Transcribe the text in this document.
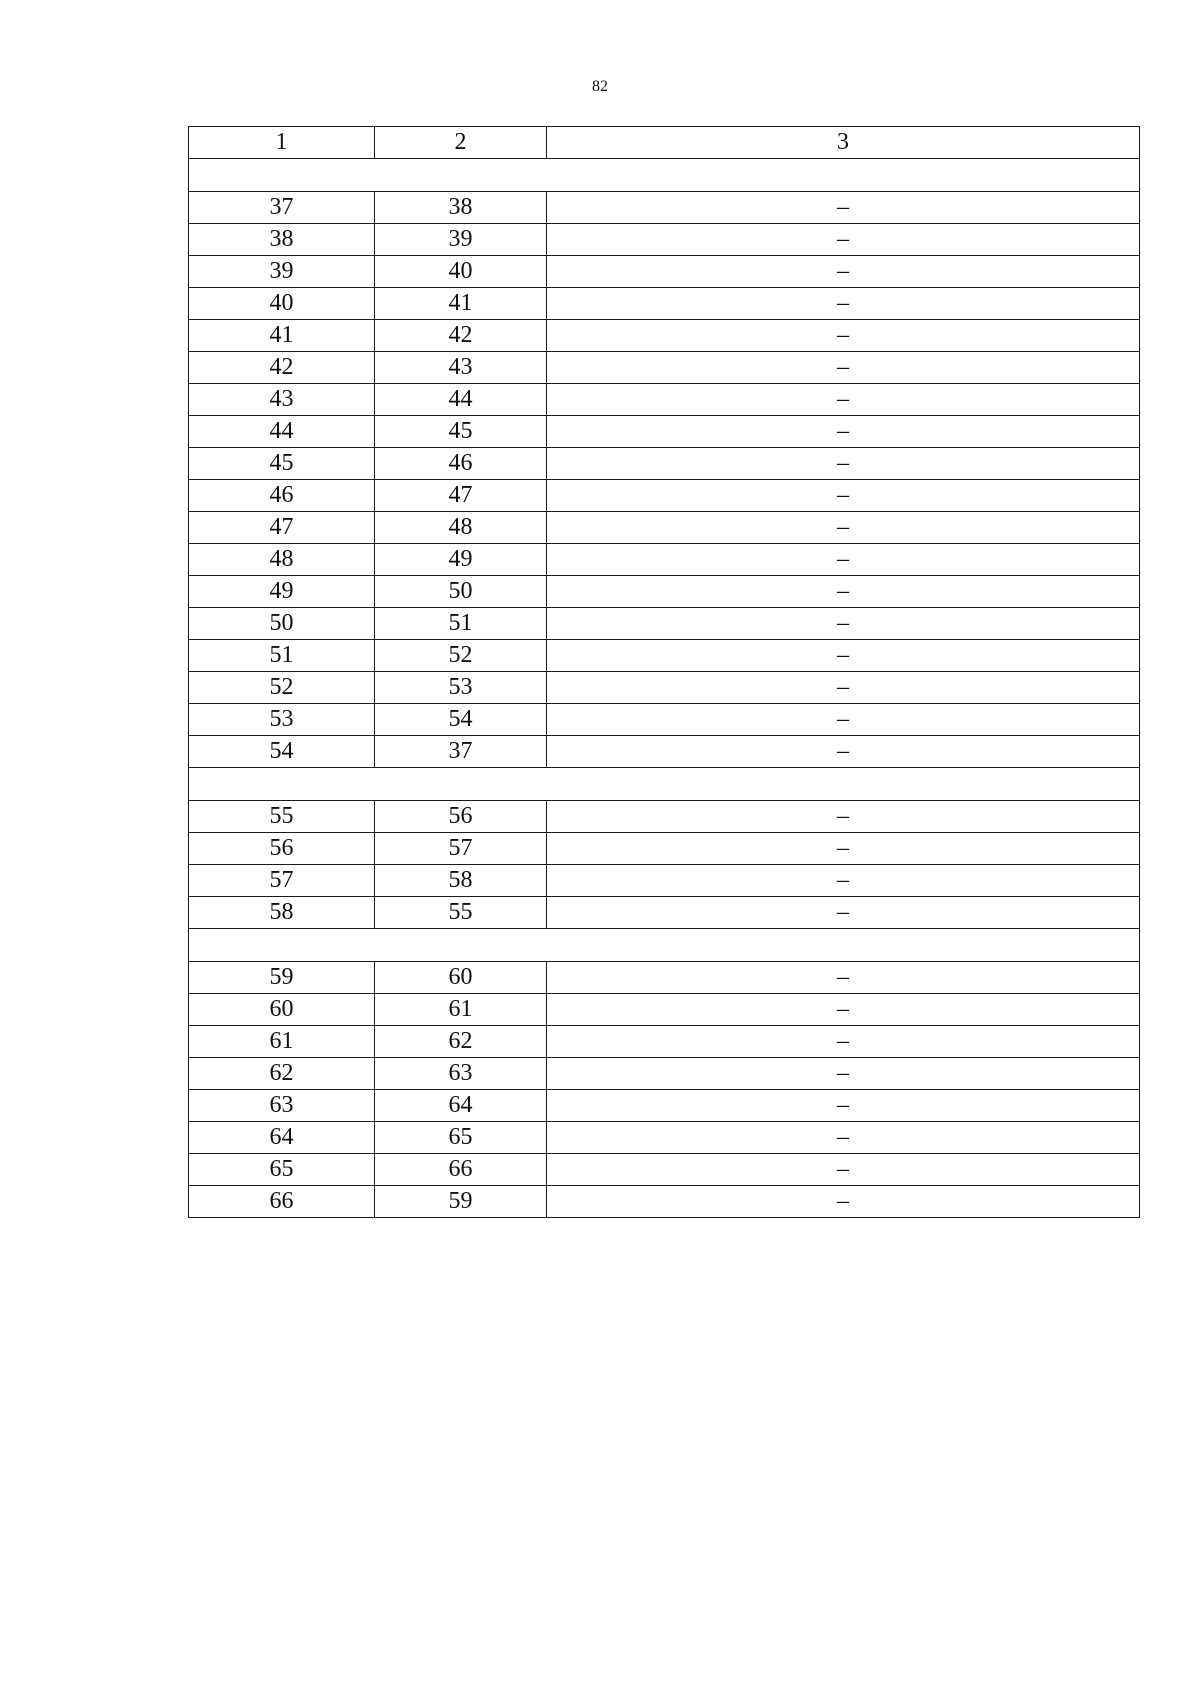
82
1	2	3

37	38	–
38	39	–
39	40	–
40	41	–
41	42	–
42	43	–
43	44	–
44	45	–
45	46	–
46	47	–
47	48	–
48	49	–
49	50	–
50	51	–
51	52	–
52	53	–
53	54	–
54	37	–

55	56	–
56	57	–
57	58	–
58	55	–

59	60	–
60	61	–
61	62	–
62	63	–
63	64	–
64	65	–
65	66	–
66	59	–
